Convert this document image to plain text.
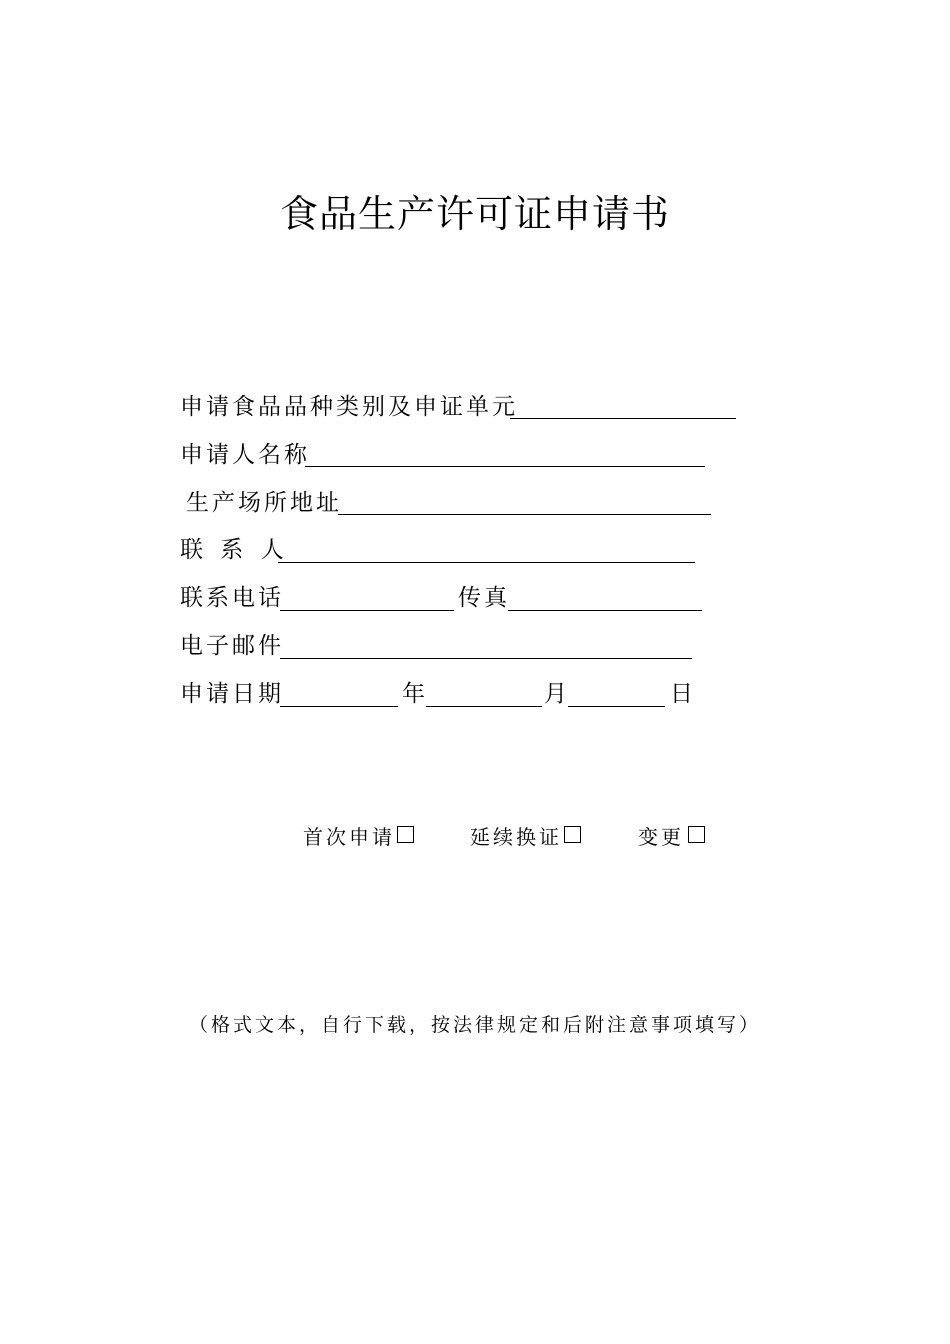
食品生产许可证申请书
申请食品品种类别及申证单元
申请人名称
生产场所地址
联 系 人
联系电话	传真
电子邮件
申请日期	年	月	日
首次申请	延续换证	变更
（格式文本，自行下载，按法律规定和后附注意事项填写）
